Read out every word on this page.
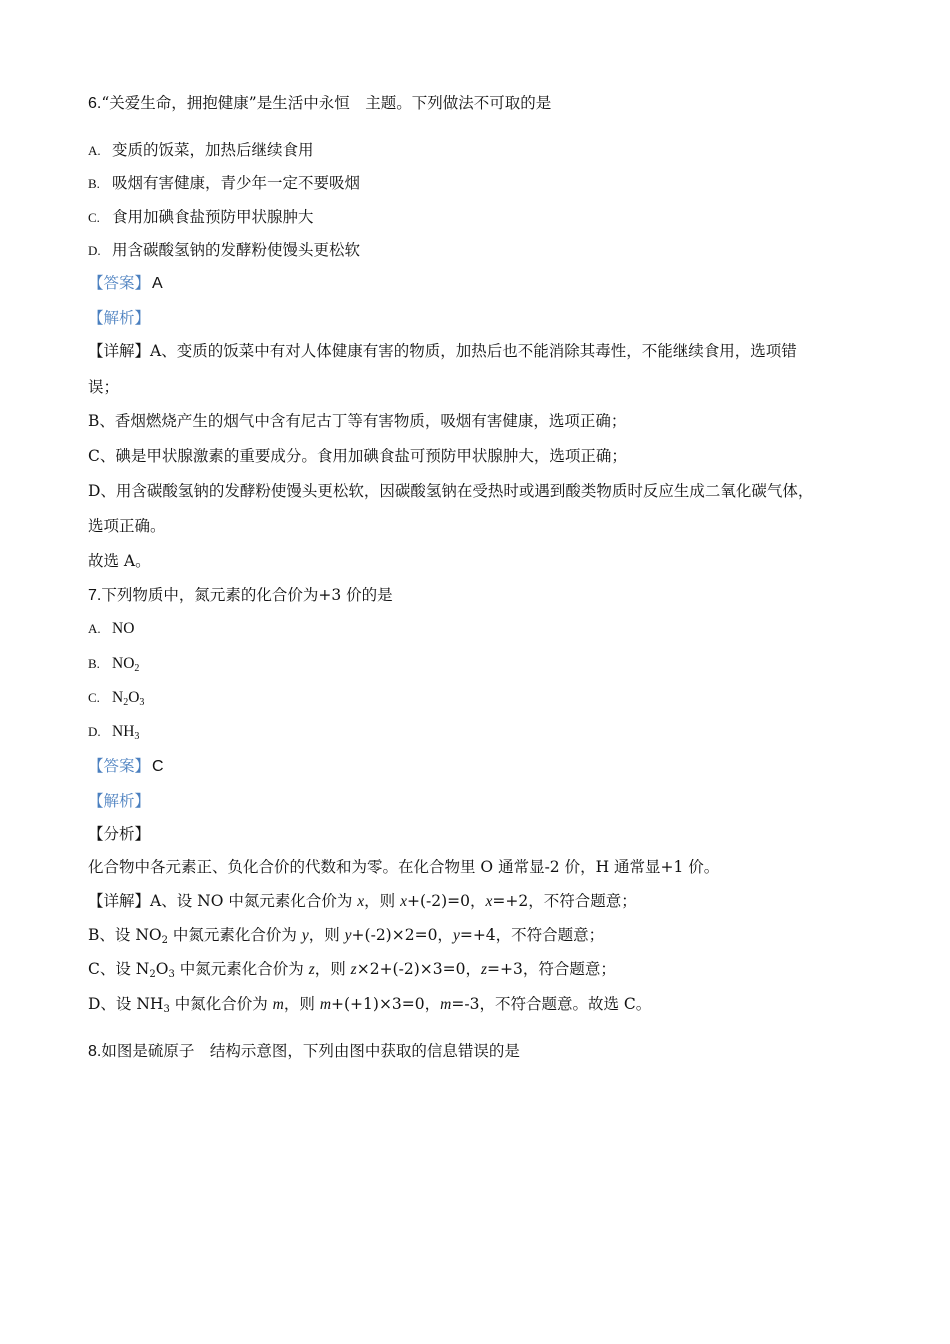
6.“关爱生命，拥抱健康”是生活中永恒　主题。下列做法不可取的是
A. 变质的饭菜，加热后继续食用
B. 吸烟有害健康，青少年一定不要吸烟
C. 食用加碘食盐预防甲状腺肿大
D. 用含碳酸氢钠的发酵粉使馒头更松软
【答案】 A
【解析】
【详解】A、变质的饭菜中有对人体健康有害的物质，加热后也不能消除其毒性，不能继续食用，选项错
误；
B、香烟燃烧产生的烟气中含有尼古丁等有害物质，吸烟有害健康，选项正确；
C、碘是甲状腺激素的重要成分。食用加碘食盐可预防甲状腺肿大，选项正确；
D、用含碳酸氢钠的发酵粉使馒头更松软，因碳酸氢钠在受热时或遇到酸类物质时反应生成二氧化碳气体，
选项正确。
故选 A。
7.下列物质中，氮元素的化合价为+3 价的是
A. NO
B. $NO_2$
C. $N_2O_3$
D. $NH_3$
【答案】 C
【解析】
【分析】
化合物中各元素正、负化合价的代数和为零。在化合物里 O 通常显-2 价，H 通常显+1 价。
【详解】A、设 NO 中氮元素化合价为 x，则 x+(-2)=0，x=+2，不符合题意；
B、设 $NO_2$ 中氮元素化合价为 y，则 y+(-2)×2=0，y=+4，不符合题意；
C、设 $N_2O_3$ 中氮元素化合价为 z，则 z×2+(-2)×3=0，z=+3，符合题意；
D、设 $NH_3$ 中氮化合价为 m，则 m+(+1)×3=0，m=-3，不符合题意。故选 C。
8.如图是硫原子　结构示意图，下列由图中获取的信息错误的是
